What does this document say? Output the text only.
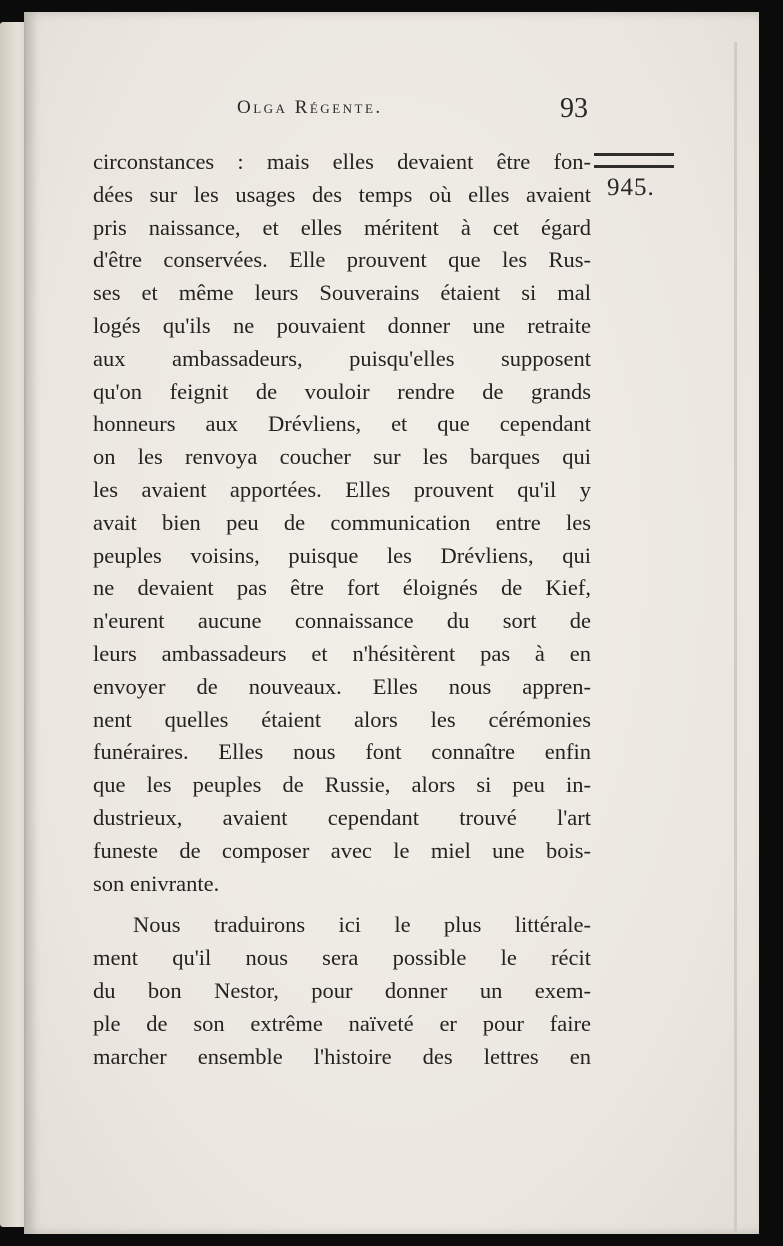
Olga Régente.	93
945.
circonstances : mais elles devaient être fon-
dées sur les usages des temps où elles avaient
pris naissance, et elles méritent à cet égard
d'être conservées. Elle prouvent que les Rus-
ses et même leurs Souverains étaient si mal
logés qu'ils ne pouvaient donner une retraite
aux ambassadeurs, puisqu'elles supposent
qu'on feignit de vouloir rendre de grands
honneurs aux Drévliens, et que cependant
on les renvoya coucher sur les barques qui
les avaient apportées. Elles prouvent qu'il y
avait bien peu de communication entre les
peuples voisins, puisque les Drévliens, qui
ne devaient pas être fort éloignés de Kief,
n'eurent aucune connaissance du sort de
leurs ambassadeurs et n'hésitèrent pas à en
envoyer de nouveaux. Elles nous appren-
nent quelles étaient alors les cérémonies
funéraires. Elles nous font connaître enfin
que les peuples de Russie, alors si peu in-
dustrieux, avaient cependant trouvé l'art
funeste de composer avec le miel une bois-
son enivrante.
Nous traduirons ici le plus littérale-
ment qu'il nous sera possible le récit
du bon Nestor, pour donner un exem-
ple de son extrême naïveté er pour faire
marcher ensemble l'histoire des lettres en
